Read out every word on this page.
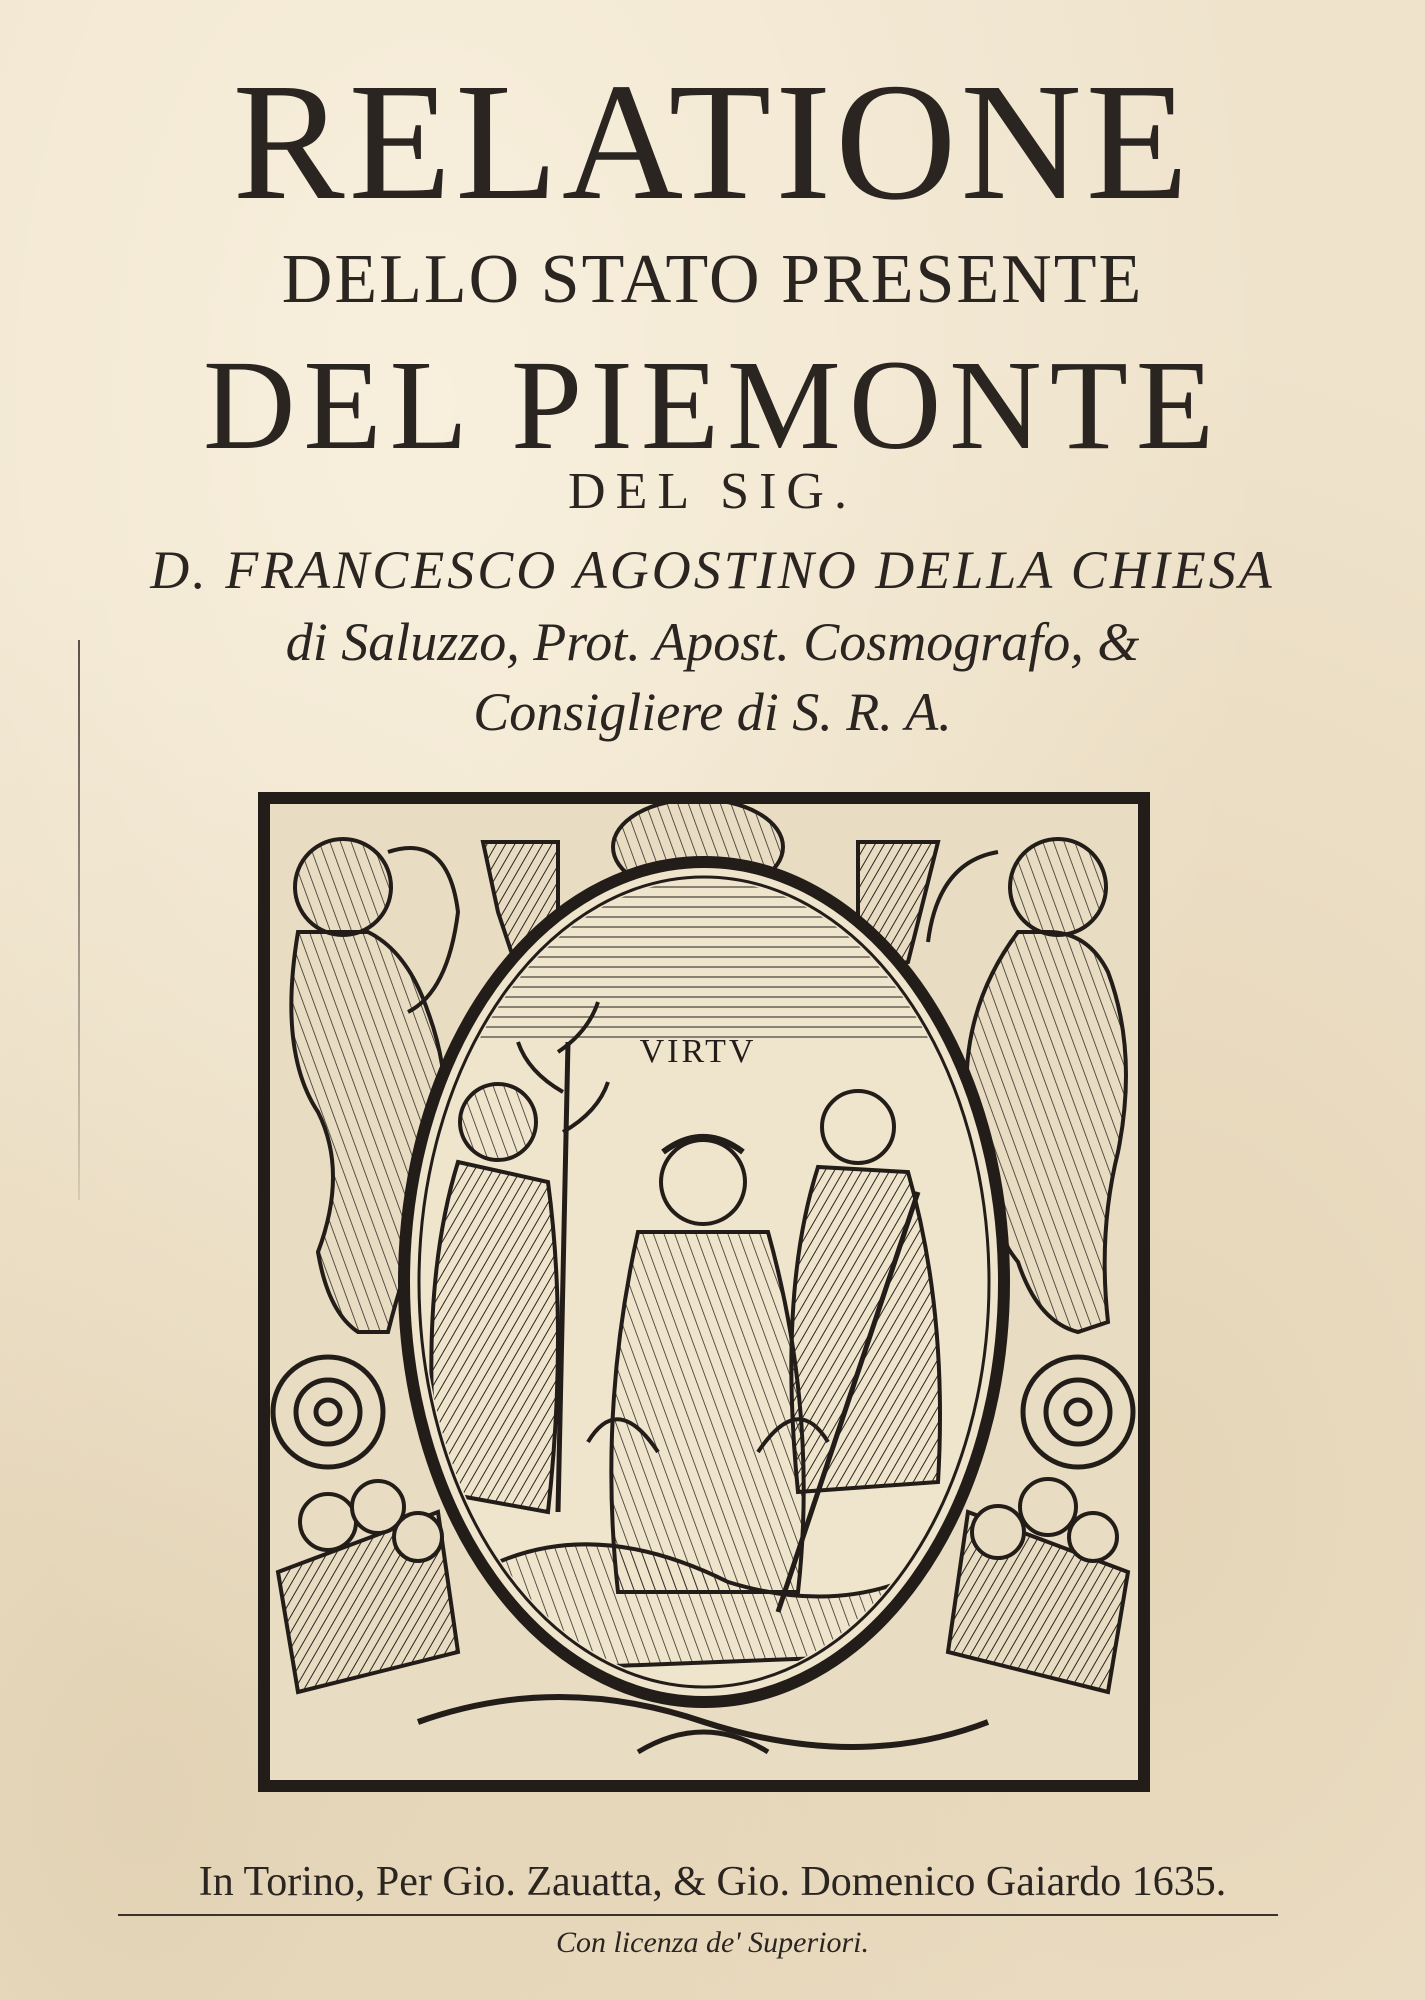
RELATIONE
DELLO STATO PRESENTE
DEL PIEMONTE
DEL SIG.
D. FRANCESCO AGOSTINO DELLA CHIESA
di Saluzzo, Prot. Apost. Cosmografo, &
Consigliere di S. R. A.
VIRTV
In Torino, Per Gio. Zauatta, & Gio. Domenico Gaiardo 1635.
Con licenza de' Superiori.
